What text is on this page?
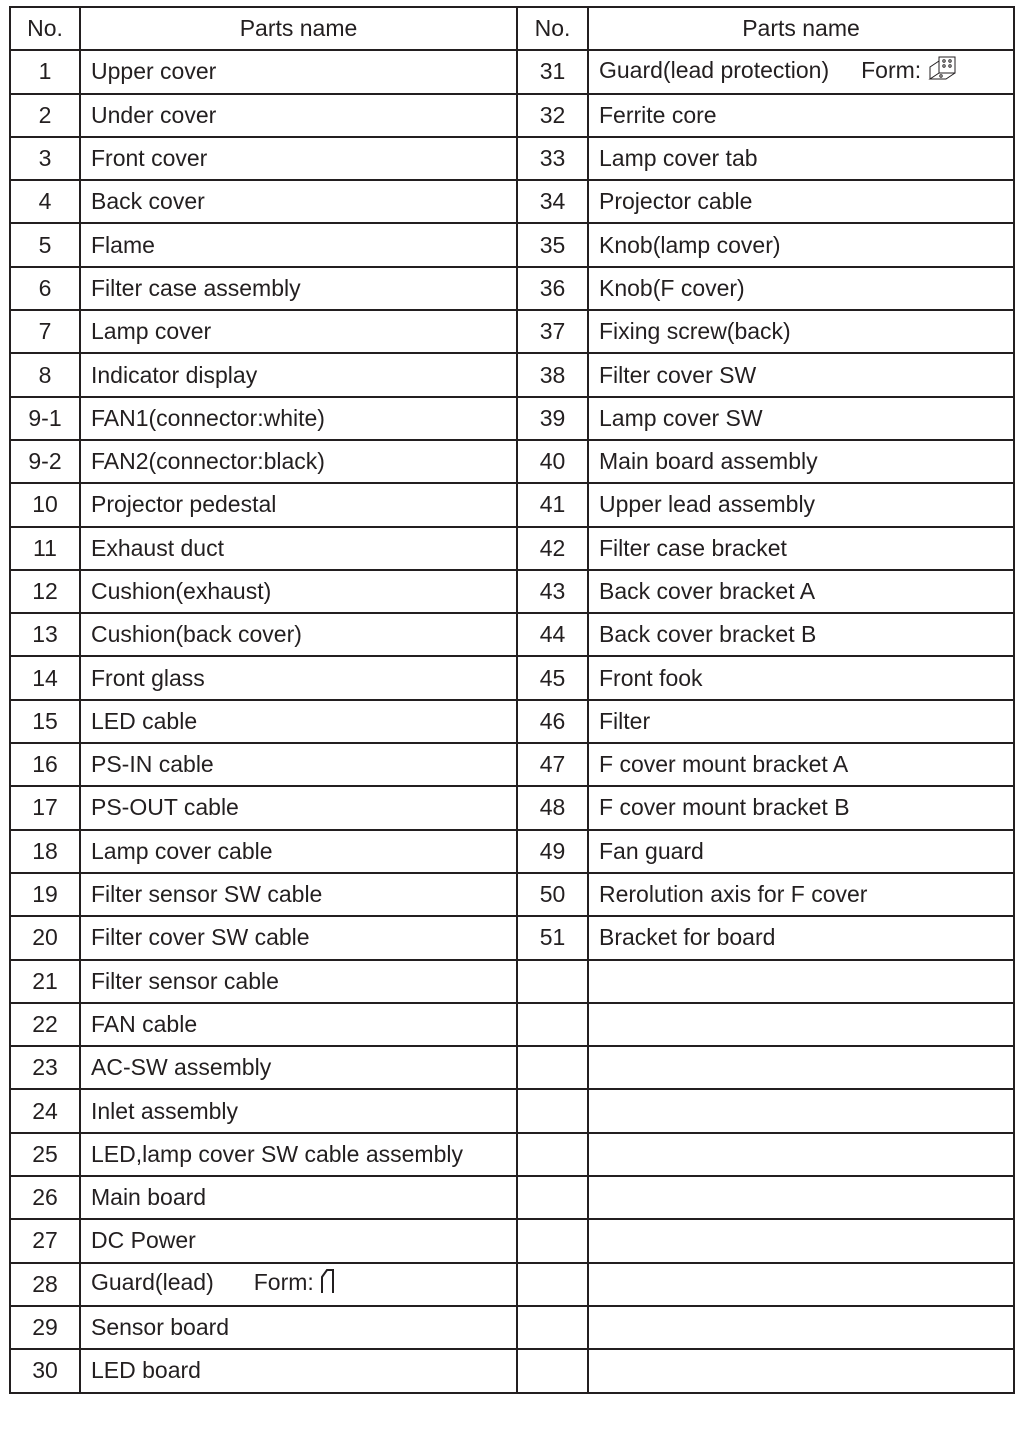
No.	Parts name	No.	Parts name
1	Upper cover	31	Guard(lead protection) Form:
2	Under cover	32	Ferrite core
3	Front cover	33	Lamp cover tab
4	Back cover	34	Projector cable
5	Flame	35	Knob(lamp cover)
6	Filter case assembly	36	Knob(F cover)
7	Lamp cover	37	Fixing screw(back)
8	Indicator display	38	Filter cover SW
9-1	FAN1(connector:white)	39	Lamp cover SW
9-2	FAN2(connector:black)	40	Main board assembly
10	Projector pedestal	41	Upper lead assembly
11	Exhaust duct	42	Filter case bracket
12	Cushion(exhaust)	43	Back cover bracket A
13	Cushion(back cover)	44	Back cover bracket B
14	Front glass	45	Front fook
15	LED cable	46	Filter
16	PS-IN cable	47	F cover mount bracket A
17	PS-OUT cable	48	F cover mount bracket B
18	Lamp cover cable	49	Fan guard
19	Filter sensor SW cable	50	Rerolution axis for F cover
20	Filter cover SW cable	51	Bracket for board
21	Filter sensor cable		
22	FAN cable		
23	AC-SW assembly		
24	Inlet assembly		
25	LED,lamp cover SW cable assembly		
26	Main board		
27	DC Power		
28	Guard(lead) Form:		
29	Sensor board		
30	LED board		
